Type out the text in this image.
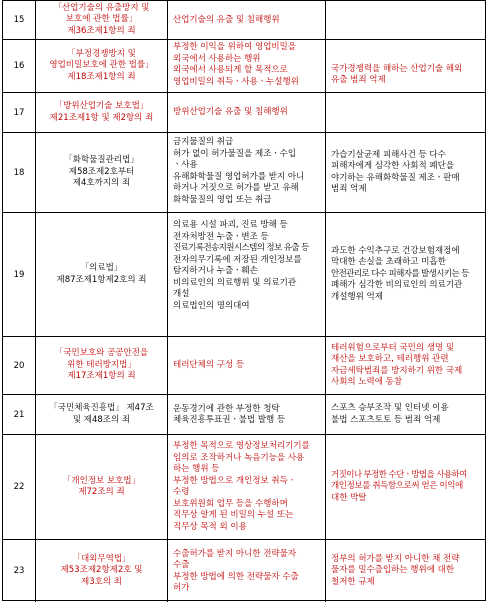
15
「산업기술의 유출방지 및
보호에 관한 법률」
제36조제1항의 죄
산업기술의 유출 및 침해행위
16
「부정경쟁방지 및
영업비밀보호에 관한 법률」
제18조제1항의 죄
부정한 이익을 위하여 영업비밀을
외국에서 사용하는 행위
외국에서 사용되게 할 목적으로
영업비밀의 취득ㆍ사용ㆍ누설행위
국가경쟁력을 해하는 산업기술 해외
유출 범죄 억제
17
「방위산업기술 보호법」
제21조제1항 및 제2항의 죄
방위산업기술 유출 및 침해행위
18
「화학물질관리법」
제58조제2호부터
제4호까지의 죄
금지물질의 취급
허가 없이 허가물질을 제조ㆍ수입
ㆍ사용
유해화학물질 영업허가를 받지 아니
하거나 거짓으로 허가를 받고 유해
화학물질의 영업 또는 취급
가습기살균제 피해사건 등 다수
피해자에게 심각한 사회적 폐단을
야기하는 유해화학물질 제조ㆍ판매
범죄 억제
19
「의료법」
제87조제1항제2호의 죄
의료용 시설 파괴, 진료 방해 등
전자처방전 누출ㆍ변조 등
진료기록전송지원시스템의 정보 유출 등
전자의무기록에 저장된 개인정보를
탐지하거나 누출ㆍ훼손
비의료인의 의료행위 및 의료기관
개설
의료법인의 명의대여
과도한 수익추구로 건강보험재정에
막대한 손실을 초래하고 미흡한
안전관리로 다수 피해자를 발생시키는 등
폐해가 심각한 비의료인의 의료기관
개설행위 억제
20
「국민보호와 공공안전을
위한 테러방지법」
제17조제1항의 죄
테러단체의 구성 등
테러위험으로부터 국민의 생명 및
재산을 보호하고, 테러행위 관련
자금세탁범죄를 방지하기 위한 국제
사회의 노력에 동참
21
「국민체육진흥법」 제47조
및 제48조의 죄
운동경기에 관한 부정한 청탁
체육진흥투표권ㆍ불법 발행 등
스포츠 승부조작 및 인터넷 이용
불법 스포츠토토 등 범죄 억제
22
「개인정보 보호법」
제72조의 죄
부정한 목적으로 영상정보처리기기를
임의로 조작하거나 녹음기능을 사용
하는 행위 등
부정한 방법으로 개인정보 취득ㆍ
수령
보호위원회 업무 등을 수행하며
직무상 알게 된 비밀의 누설 또는
직무상 목적 외 이용
거짓이나 부정한 수단ㆍ방법을 사용하여
개인정보를 취득함으로써 얻은 이익에
대한 박탈
23
「대외무역법」
제53조제2항제2호 및
제3호의 죄
수출허가를 받지 아니한 전략물자
수출
부정한 방법에 의한 전략물자 수출
허가
정부의 허가를 받지 아니한 채 전략
물자를 밀수출입하는 행위에 대한
철저한 규제
